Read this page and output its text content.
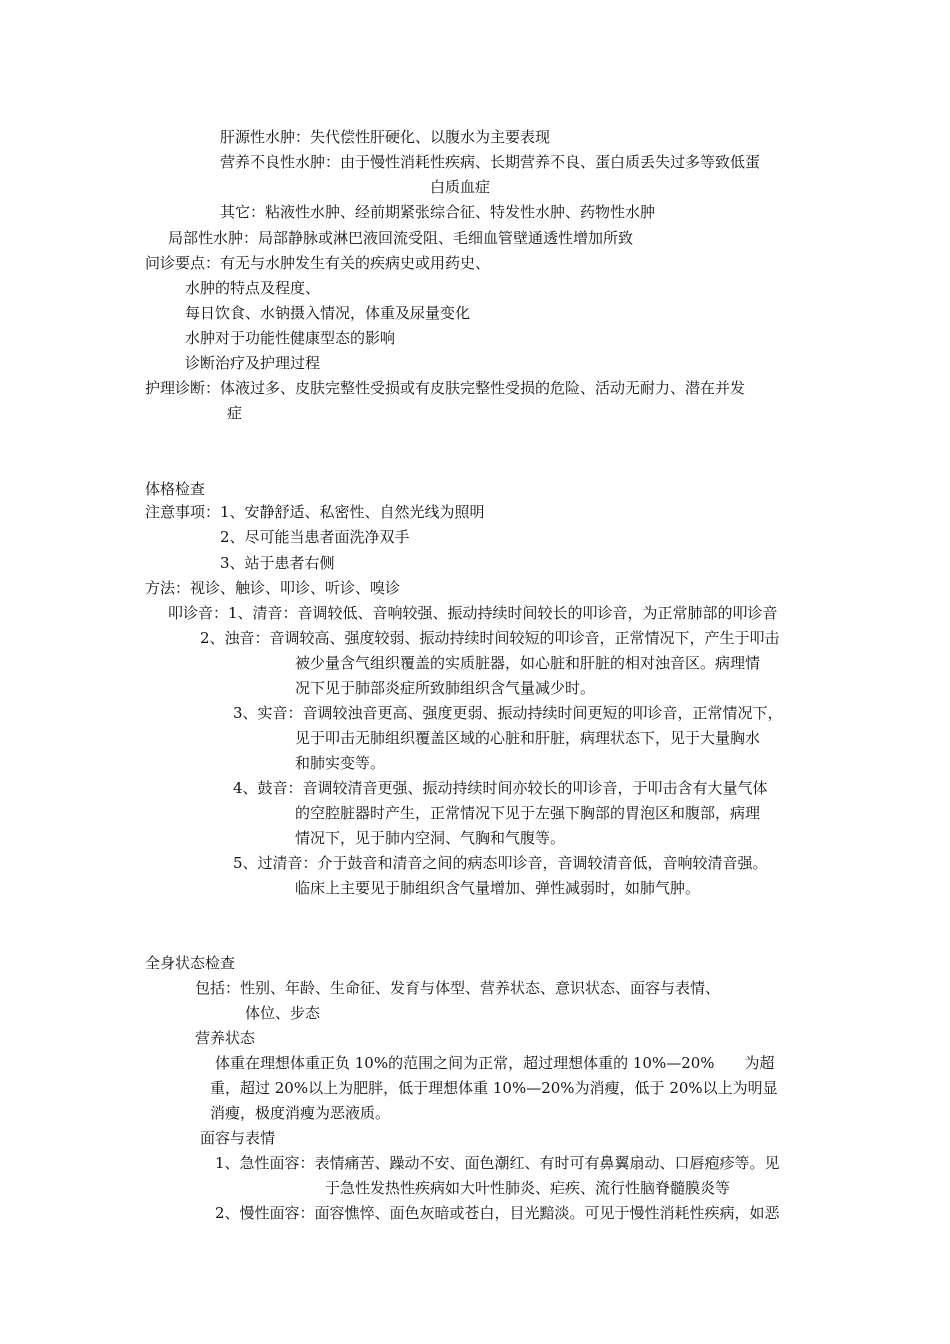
肝源性水肿：失代偿性肝硬化、以腹水为主要表现
营养不良性水肿：由于慢性消耗性疾病、长期营养不良、蛋白质丢失过多等致低蛋
白质血症
其它：粘液性水肿、经前期紧张综合征、特发性水肿、药物性水肿
局部性水肿：局部静脉或淋巴液回流受阻、毛细血管壁通透性增加所致
问诊要点：有无与水肿发生有关的疾病史或用药史、
水肿的特点及程度、
每日饮食、水钠摄入情况，体重及尿量变化
水肿对于功能性健康型态的影响
诊断治疗及护理过程
护理诊断：体液过多、皮肤完整性受损或有皮肤完整性受损的危险、活动无耐力、潜在并发
症
体格检查
注意事项：1、安静舒适、私密性、自然光线为照明
2、尽可能当患者面洗净双手
3、站于患者右侧
方法：视诊、触诊、叩诊、听诊、嗅诊
叩诊音：1、清音：音调较低、音响较强、振动持续时间较长的叩诊音，为正常肺部的叩诊音
2、浊音：音调较高、强度较弱、振动持续时间较短的叩诊音，正常情况下，产生于叩击
被少量含气组织覆盖的实质脏器，如心脏和肝脏的相对浊音区。病理情
况下见于肺部炎症所致肺组织含气量减少时。
3、实音：音调较浊音更高、强度更弱、振动持续时间更短的叩诊音，正常情况下，
见于叩击无肺组织覆盖区域的心脏和肝脏，病理状态下，见于大量胸水
和肺实变等。
4、鼓音：音调较清音更强、振动持续时间亦较长的叩诊音，于叩击含有大量气体
的空腔脏器时产生，正常情况下见于左强下胸部的胃泡区和腹部，病理
情况下，见于肺内空洞、气胸和气腹等。
5、过清音：介于鼓音和清音之间的病态叩诊音，音调较清音低，音响较清音强。
临床上主要见于肺组织含气量增加、弹性减弱时，如肺气肿。
全身状态检查
包括：性别、年龄、生命征、发育与体型、营养状态、意识状态、面容与表情、
体位、步态
营养状态
体重在理想体重正负 10%的范围之间为正常，超过理想体重的 10%—20%　　为超
重，超过 20%以上为肥胖，低于理想体重 10%—20%为消瘦，低于 20%以上为明显
消瘦，极度消瘦为恶液质。
面容与表情
1、急性面容：表情痛苦、躁动不安、面色潮红、有时可有鼻翼扇动、口唇疱疹等。见
于急性发热性疾病如大叶性肺炎、疟疾、流行性脑脊髓膜炎等
2、慢性面容：面容憔悴、面色灰暗或苍白，目光黯淡。可见于慢性消耗性疾病，如恶
